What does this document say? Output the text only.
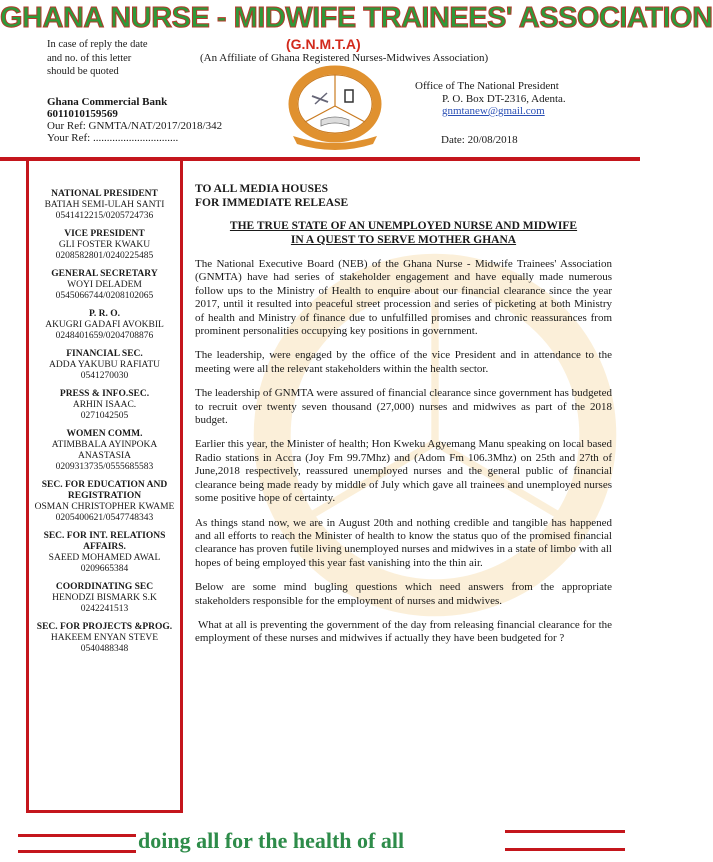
GHANA NURSE - MIDWIFE TRAINEES' ASSOCIATION
(G.N.M.T.A)
(An Affiliate of Ghana Registered Nurses-Midwives Association)
In case of reply the date
and no. of this letter
should be quoted
Ghana Commercial Bank
6011010159569
Our Ref: GNMTA/NAT/2017/2018/342
Your Ref: ...............................
Office of The National President
P. O. Box DT-2316, Adenta.
gnmtanew@gmail.com
Date: 20/08/2018
NATIONAL PRESIDENT
BATIAH SEMI-ULAH SANTI
0541412215/0205724736
VICE PRESIDENT
GLI FOSTER KWAKU
0208582801/0240225485
GENERAL SECRETARY
WOYI DELADEM
0545066744/0208102065
P. R. O.
AKUGRI GADAFI AVOKBIL
0248401659/0204708876
FINANCIAL SEC.
ADDA YAKUBU RAFIATU
0541270030
PRESS & INFO.SEC.
ARHIN ISAAC.
0271042505
WOMEN COMM.
ATIMBBALA AYINPOKA ANASTASIA
0209313735/0555685583
SEC. FOR EDUCATION AND REGISTRATION
OSMAN CHRISTOPHER KWAME
0205400621/0547748343
SEC. FOR INT. RELATIONS AFFAIRS.
SAEED MOHAMED AWAL
0209665384
COORDINATING SEC
HENODZI BISMARK S.K
0242241513
SEC. FOR PROJECTS &PROG.
HAKEEM ENYAN STEVE
0540488348
TO ALL MEDIA HOUSES
FOR IMMEDIATE RELEASE
THE TRUE STATE OF AN UNEMPLOYED NURSE AND MIDWIFE
IN A QUEST TO SERVE MOTHER GHANA
The National Executive Board (NEB) of the Ghana Nurse - Midwife Trainees' Association (GNMTA) have had series of stakeholder engagement and have equally made numerous follow ups to the Ministry of Health to enquire about our financial clearance since the year 2017, until it resulted into peaceful street procession and series of picketing at both Ministry of health and Ministry of finance due to unfulfilled promises and chronic reassurances from prominent personalities occupying key positions in government.
The leadership, were engaged by the office of the vice President and in attendance to the meeting were all the relevant stakeholders within the health sector.
The leadership of GNMTA were assured of financial clearance since government has budgeted to recruit over twenty seven thousand (27,000) nurses and midwives as part of the 2018 budget.
Earlier this year, the Minister of health; Hon Kweku Agyemang Manu speaking on local based Radio stations in Accra (Joy Fm 99.7Mhz) and (Adom Fm 106.3Mhz) on 25th and 27th of June,2018 respectively, reassured unemployed nurses and the general public of financial clearance being made ready by middle of July which gave all trainees and unemployed nurses some positive hope of certainty.
As things stand now, we are in August 20th and nothing credible and tangible has happened and all efforts to reach the Minister of health to know the status quo of the promised financial clearance has proven futile living unemployed nurses and midwives in a state of limbo with all hopes of being employed this year fast vanishing into the thin air.
Below are some mind bugling questions which need answers from the appropriate stakeholders responsible for the employment of nurses and midwives.
What at all is preventing the government of the day from releasing financial clearance for the employment of these nurses and midwives if actually they have been budgeted for ?
doing all for the health of all
